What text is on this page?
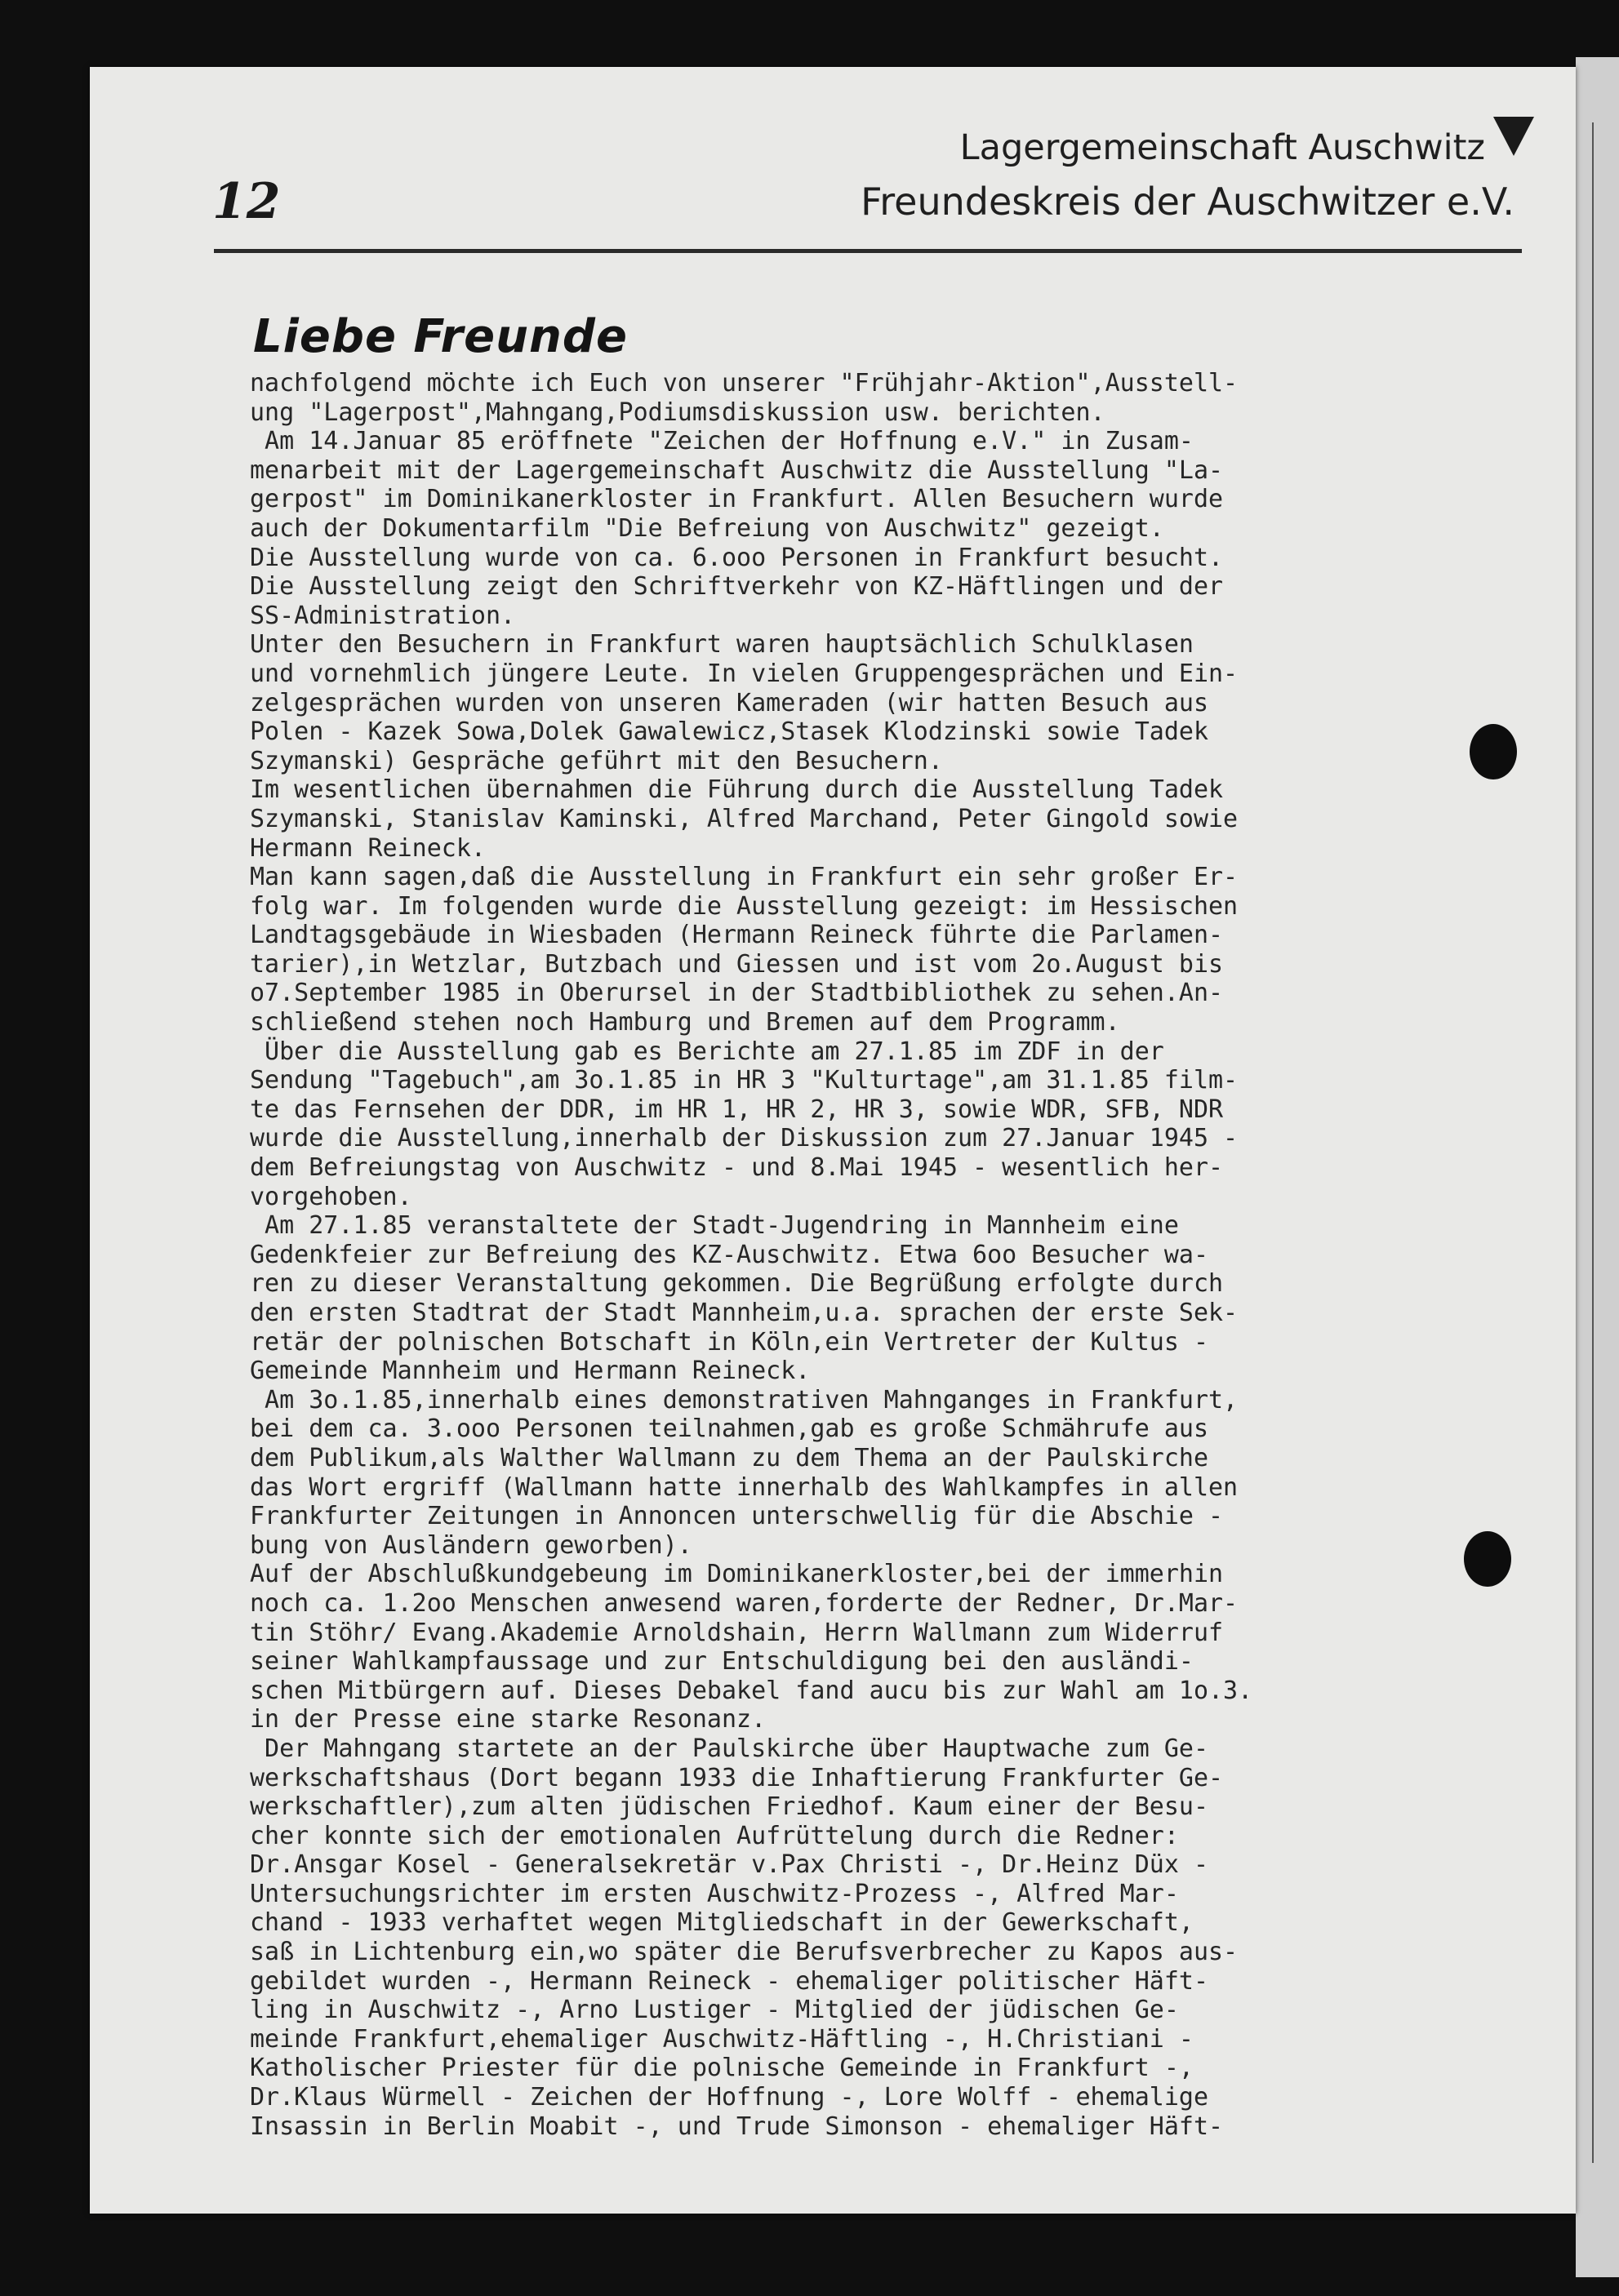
12
Lagergemeinschaft Auschwitz
Freundeskreis der Auschwitzer e.V.
Liebe Freunde
nachfolgend möchte ich Euch von unserer "Frühjahr-Aktion",Ausstell-
ung "Lagerpost",Mahngang,Podiumsdiskussion usw. berichten.
Am 14.Januar 85 eröffnete "Zeichen der Hoffnung e.V." in Zusam-
menarbeit mit der Lagergemeinschaft Auschwitz die Ausstellung "La-
gerpost" im Dominikanerkloster in Frankfurt. Allen Besuchern wurde
auch der Dokumentarfilm "Die Befreiung von Auschwitz" gezeigt.
Die Ausstellung wurde von ca. 6.ooo Personen in Frankfurt besucht.
Die Ausstellung zeigt den Schriftverkehr von KZ-Häftlingen und der
SS-Administration.
Unter den Besuchern in Frankfurt waren hauptsächlich Schulklasen
und vornehmlich jüngere Leute. In vielen Gruppengesprächen und Ein-
zelgesprächen wurden von unseren Kameraden (wir hatten Besuch aus
Polen - Kazek Sowa,Dolek Gawalewicz,Stasek Klodzinski sowie Tadek
Szymanski) Gespräche geführt mit den Besuchern.
Im wesentlichen übernahmen die Führung durch die Ausstellung Tadek
Szymanski, Stanislav Kaminski, Alfred Marchand, Peter Gingold sowie
Hermann Reineck.
Man kann sagen,daß die Ausstellung in Frankfurt ein sehr großer Er-
folg war. Im folgenden wurde die Ausstellung gezeigt: im Hessischen
Landtagsgebäude in Wiesbaden (Hermann Reineck führte die Parlamen-
tarier),in Wetzlar, Butzbach und Giessen und ist vom 2o.August bis
o7.September 1985 in Oberursel in der Stadtbibliothek zu sehen.An-
schließend stehen noch Hamburg und Bremen auf dem Programm.
Über die Ausstellung gab es Berichte am 27.1.85 im ZDF in der
Sendung "Tagebuch",am 3o.1.85 in HR 3 "Kulturtage",am 31.1.85 film-
te das Fernsehen der DDR, im HR 1, HR 2, HR 3, sowie WDR, SFB, NDR
wurde die Ausstellung,innerhalb der Diskussion zum 27.Januar 1945 -
dem Befreiungstag von Auschwitz - und 8.Mai 1945 - wesentlich her-
vorgehoben.
Am 27.1.85 veranstaltete der Stadt-Jugendring in Mannheim eine
Gedenkfeier zur Befreiung des KZ-Auschwitz. Etwa 6oo Besucher wa-
ren zu dieser Veranstaltung gekommen. Die Begrüßung erfolgte durch
den ersten Stadtrat der Stadt Mannheim,u.a. sprachen der erste Sek-
retär der polnischen Botschaft in Köln,ein Vertreter der Kultus -
Gemeinde Mannheim und Hermann Reineck.
Am 3o.1.85,innerhalb eines demonstrativen Mahnganges in Frankfurt,
bei dem ca. 3.ooo Personen teilnahmen,gab es große Schmährufe aus
dem Publikum,als Walther Wallmann zu dem Thema an der Paulskirche
das Wort ergriff (Wallmann hatte innerhalb des Wahlkampfes in allen
Frankfurter Zeitungen in Annoncen unterschwellig für die Abschie -
bung von Ausländern geworben).
Auf der Abschlußkundgebeung im Dominikanerkloster,bei der immerhin
noch ca. 1.2oo Menschen anwesend waren,forderte der Redner, Dr.Mar-
tin Stöhr/ Evang.Akademie Arnoldshain, Herrn Wallmann zum Widerruf
seiner Wahlkampfaussage und zur Entschuldigung bei den ausländi-
schen Mitbürgern auf. Dieses Debakel fand aucu bis zur Wahl am 1o.3.
in der Presse eine starke Resonanz.
Der Mahngang startete an der Paulskirche über Hauptwache zum Ge-
werkschaftshaus (Dort begann 1933 die Inhaftierung Frankfurter Ge-
werkschaftler),zum alten jüdischen Friedhof. Kaum einer der Besu-
cher konnte sich der emotionalen Aufrüttelung durch die Redner:
Dr.Ansgar Kosel - Generalsekretär v.Pax Christi -, Dr.Heinz Düx -
Untersuchungsrichter im ersten Auschwitz-Prozess -, Alfred Mar-
chand - 1933 verhaftet wegen Mitgliedschaft in der Gewerkschaft,
saß in Lichtenburg ein,wo später die Berufsverbrecher zu Kapos aus-
gebildet wurden -, Hermann Reineck - ehemaliger politischer Häft-
ling in Auschwitz -, Arno Lustiger - Mitglied der jüdischen Ge-
meinde Frankfurt,ehemaliger Auschwitz-Häftling -, H.Christiani -
Katholischer Priester für die polnische Gemeinde in Frankfurt -,
Dr.Klaus Würmell - Zeichen der Hoffnung -, Lore Wolff - ehemalige
Insassin in Berlin Moabit -, und Trude Simonson - ehemaliger Häft-
